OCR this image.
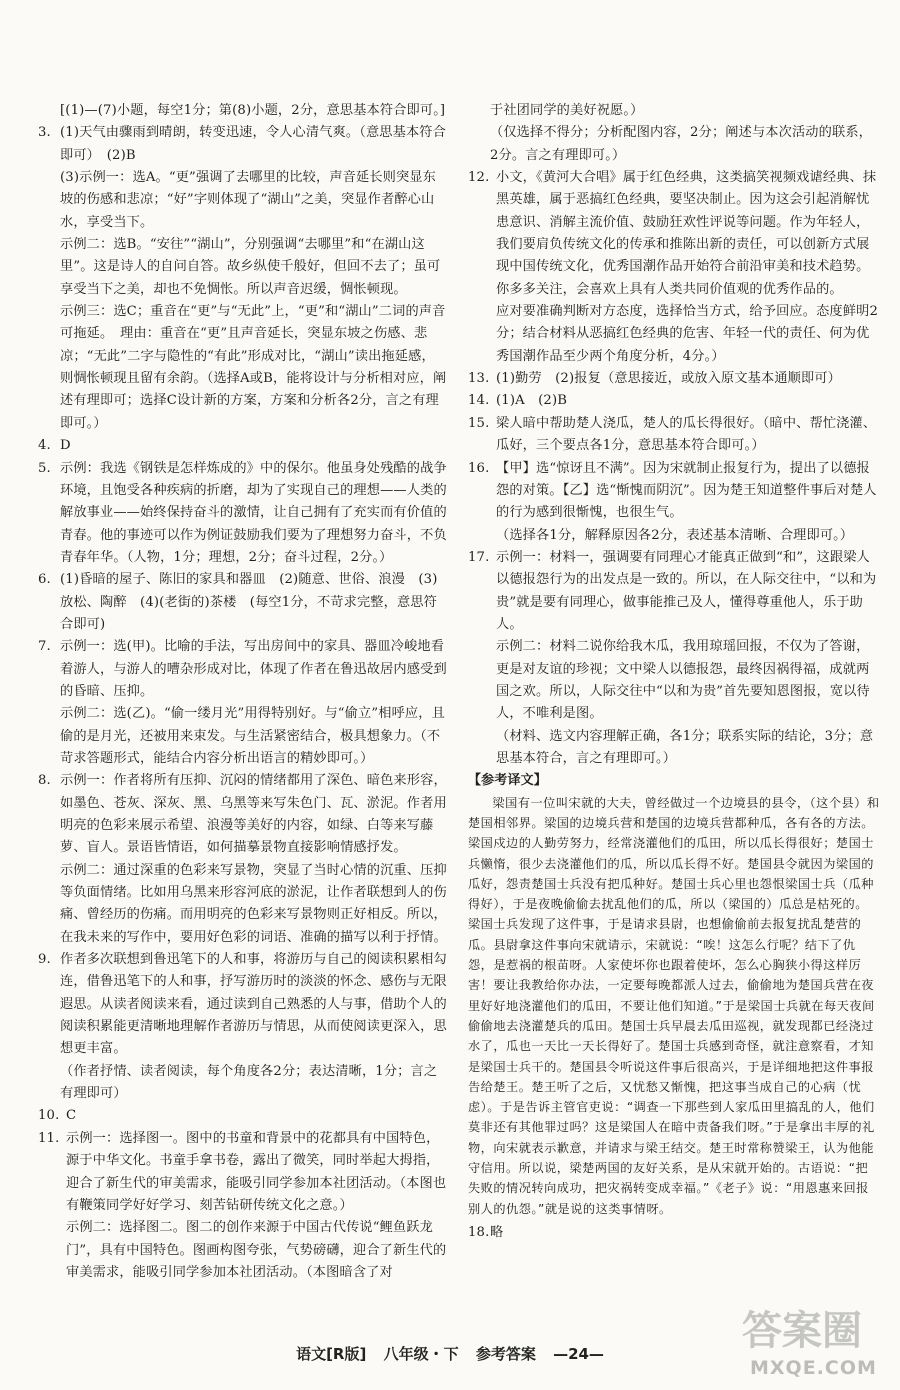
[(1)—(7)小题，每空1分；第(8)小题，2分，意思基本符合即可。]
3. (1)天气由骤雨到晴朗，转变迅速，令人心清气爽。（意思基本符合即可）　(2)B
(3)示例一：选A。“更”强调了去哪里的比较，声音延长则突显东坡的伤感和悲凉；“好”字则体现了“湖山”之美，突显作者醉心山水，享受当下。
示例二：选B。“安往”“湖山”，分别强调“去哪里”和“在湖山这里”。这是诗人的自问自答。故乡纵使千般好，但回不去了；虽可享受当下之美，却也不免惆怅。所以声音迟缓，惆怅顿现。
示例三：选C；重音在“更”与“无此”上，“更”和“湖山”二词的声音可拖延。　理由：重音在“更”且声音延长，突显东坡之伤感、悲凉；“无此”二字与隐性的“有此”形成对比，“湖山”读出拖延感，则惆怅顿现且留有余韵。（选择A或B，能将设计与分析相对应，阐述有理即可；选择C设计新的方案，方案和分析各2分，言之有理即可。）
4. D
5. 示例：我选《钢铁是怎样炼成的》中的保尔。他虽身处残酷的战争环境，且饱受各种疾病的折磨，却为了实现自己的理想——人类的解放事业——始终保持奋斗的激情，让自己拥有了充实而有价值的青春。他的事迹可以作为例证鼓励我们要为了理想努力奋斗，不负青春年华。（人物，1分；理想，2分；奋斗过程，2分。）
6. (1)昏暗的屋子、陈旧的家具和器皿　(2)随意、世俗、浪漫　(3)放松、陶醉　(4)(老街的)茶楼　(每空1分，不苛求完整，意思符合即可)
7. 示例一：选(甲)。比喻的手法，写出房间中的家具、器皿冷峻地看着游人，与游人的嘈杂形成对比，体现了作者在鲁迅故居内感受到的昏暗、压抑。
示例二：选(乙)。“偷一缕月光”用得特别好。与“偷立”相呼应，且偷的是月光，还被用来束发。与生活紧密结合，极具想象力。（不苛求答题形式，能结合内容分析出语言的精妙即可。）
8. 示例一：作者将所有压抑、沉闷的情绪都用了深色、暗色来形容，如墨色、苍灰、深灰、黑、乌黑等来写朱色门、瓦、淤泥。作者用明亮的色彩来展示希望、浪漫等美好的内容，如绿、白等来写藤萝、盲人。景语皆情语，如何描摹景物直接影响情感抒发。
示例二：通过深重的色彩来写景物，突显了当时心情的沉重、压抑等负面情绪。比如用乌黑来形容河底的淤泥，让作者联想到人的伤痛、曾经历的伤痛。而用明亮的色彩来写景物则正好相反。所以，在我未来的写作中，要用好色彩的词语、准确的描写以利于抒情。
9. 作者多次联想到鲁迅笔下的人和事，将游历与自己的阅读积累相勾连，借鲁迅笔下的人和事，抒写游历时的淡淡的怀念、感伤与无限遐思。从读者阅读来看，通过读到自己熟悉的人与事，借助个人的阅读积累能更清晰地理解作者游历与情思，从而使阅读更深入，思想更丰富。
（作者抒情、读者阅读，每个角度各2分；表达清晰，1分；言之有理即可）
10. C
11. 示例一：选择图一。图中的书童和背景中的花都具有中国特色，源于中华文化。书童手拿书卷，露出了微笑，同时举起大拇指，迎合了新生代的审美需求，能吸引同学参加本社团活动。（本图也有鞭策同学好好学习、刻苦钻研传统文化之意。）
示例二：选择图二。图二的创作来源于中国古代传说“鲤鱼跃龙门”，具有中国特色。图画构图夸张，气势磅礴，迎合了新生代的审美需求，能吸引同学参加本社团活动。（本图暗含了对
于社团同学的美好祝愿。）
（仅选择不得分；分析配图内容，2分；阐述与本次活动的联系，2分。言之有理即可。）
12. 小文，《黄河大合唱》属于红色经典，这类搞笑视频戏谑经典、抹黑英雄，属于恶搞红色经典，要坚决制止。因为这会引起消解忧患意识、消解主流价值、鼓励狂欢性评说等问题。作为年轻人，我们要肩负传统文化的传承和推陈出新的责任，可以创新方式展现中国传统文化，优秀国潮作品开始符合前沿审美和技术趋势。你多多关注，会喜欢上具有人类共同价值观的优秀作品的。
应对要准确判断对方态度，选择恰当方式，给予回应。态度鲜明2分；结合材料从恶搞红色经典的危害、年轻一代的责任、何为优秀国潮作品至少两个角度分析，4分。）
13. (1)勤劳　(2)报复（意思接近，或放入原文基本通顺即可）
14. (1)A　(2)B
15. 梁人暗中帮助楚人浇瓜，楚人的瓜长得很好。（暗中、帮忙浇灌、瓜好，三个要点各1分，意思基本符合即可。）
16. 【甲】选“惊讶且不满”。因为宋就制止报复行为，提出了以德报怨的对策。【乙】选“惭愧而阴沉”。因为楚王知道整件事后对楚人的行为感到很惭愧，也很生气。
（选择各1分，解释原因各2分，表述基本清晰、合理即可。）
17. 示例一：材料一，强调要有同理心才能真正做到“和”，这跟梁人以德报怨行为的出发点是一致的。所以，在人际交往中，“以和为贵”就是要有同理心，做事能推己及人，懂得尊重他人，乐于助人。
示例二：材料二说你给我木瓜，我用琼瑶回报，不仅为了答谢，更是对友谊的珍视；文中梁人以德报怨，最终因祸得福，成就两国之欢。所以，人际交往中“以和为贵”首先要知恩图报，宽以待人，不唯利是图。
（材料、选文内容理解正确，各1分；联系实际的结论，3分；意思基本符合，言之有理即可。）
【参考译文】
梁国有一位叫宋就的大夫，曾经做过一个边境县的县令，（这个县）和楚国相邻界。梁国的边境兵营和楚国的边境兵营都种瓜，各有各的方法。梁国戍边的人勤劳努力，经常浇灌他们的瓜田，所以瓜长得很好；楚国士兵懒惰，很少去浇灌他们的瓜，所以瓜长得不好。楚国县令就因为梁国的瓜好，怨责楚国士兵没有把瓜种好。楚国士兵心里也怨恨梁国士兵（瓜种得好），于是夜晚偷偷去扰乱他们的瓜，所以（梁国的）瓜总是枯死的。梁国士兵发现了这件事，于是请求县尉，也想偷偷前去报复扰乱楚营的瓜。县尉拿这件事向宋就请示，宋就说：“唉！这怎么行呢？结下了仇怨，是惹祸的根苗呀。人家使坏你也跟着使坏，怎么心胸狭小得这样厉害！要让我教给你办法，一定要每晚都派人过去，偷偷地为楚国兵营在夜里好好地浇灌他们的瓜田，不要让他们知道。”于是梁国士兵就在每天夜间偷偷地去浇灌楚兵的瓜田。楚国士兵早晨去瓜田巡视，就发现都已经浇过水了，瓜也一天比一天长得好了。楚国士兵感到奇怪，就注意察看，才知是梁国士兵干的。楚国县令听说这件事后很高兴，于是详细地把这件事报告给楚王。楚王听了之后，又忧愁又惭愧，把这事当成自己的心病（忧虑）。于是告诉主管官吏说：“调查一下那些到人家瓜田里搞乱的人，他们莫非还有其他罪过吗？这是梁国人在暗中责备我们呀。”于是拿出丰厚的礼物，向宋就表示歉意，并请求与梁王结交。楚王时常称赞梁王，认为他能守信用。所以说，梁楚两国的友好关系，是从宋就开始的。古语说：“把失败的情况转向成功，把灾祸转变成幸福。”《老子》说：“用恩惠来回报别人的仇怨。”就是说的这类事情呀。
18. 略
语文[R版] 八年级・下 参考答案 —24—	答案圈
MXQE.COM
